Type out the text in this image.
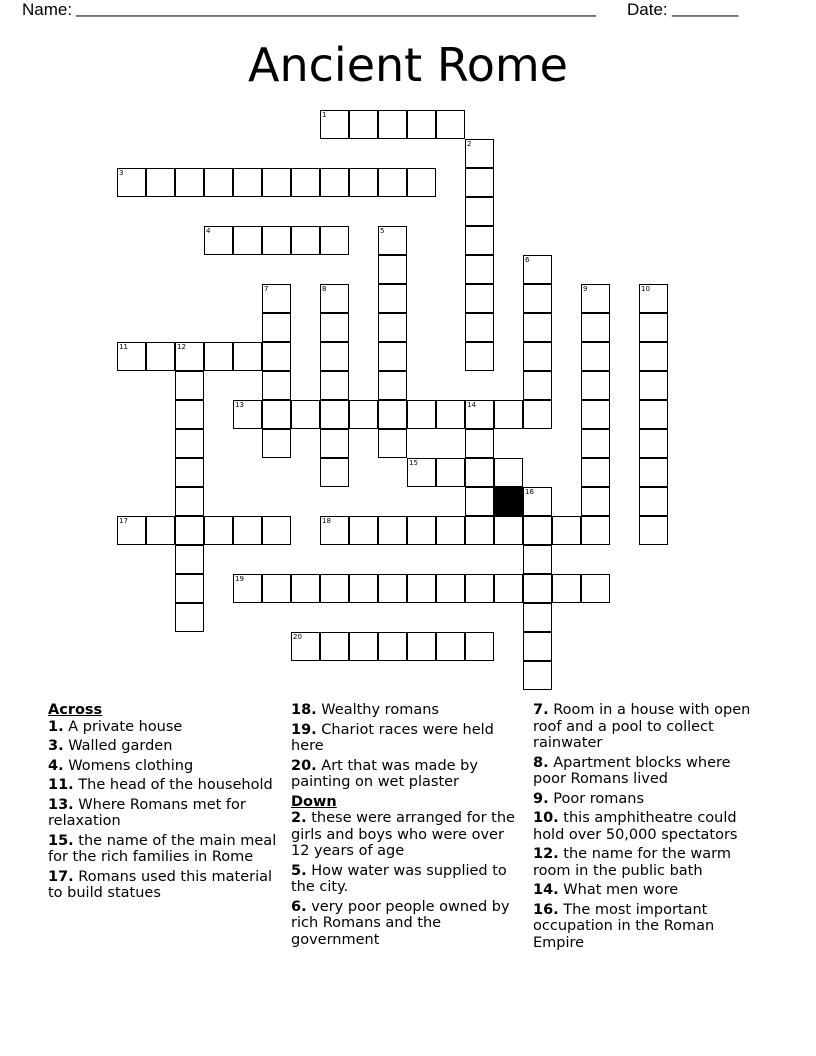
Name: _______________________________________________________ Date: _______
Ancient Rome
1
2
3
4	5
6
7	8	9	10
11	12
13	14
15
16
17	18
19
20
Across
1. A private house
3. Walled garden
4. Womens clothing
11. The head of the household
13. Where Romans met for relaxation
15. the name of the main meal for the rich families in Rome
17. Romans used this material to build statues
18. Wealthy romans
19. Chariot races were held here
20. Art that was made by painting on wet plaster
Down
2. these were arranged for the girls and boys who were over 12 years of age
5. How water was supplied to the city.
6. very poor people owned by rich Romans and the government
7. Room in a house with open roof and a pool to collect rainwater
8. Apartment blocks where poor Romans lived
9. Poor romans
10. this amphitheatre could hold over 50,000 spectators
12. the name for the warm room in the public bath
14. What men wore
16. The most important occupation in the Roman Empire
